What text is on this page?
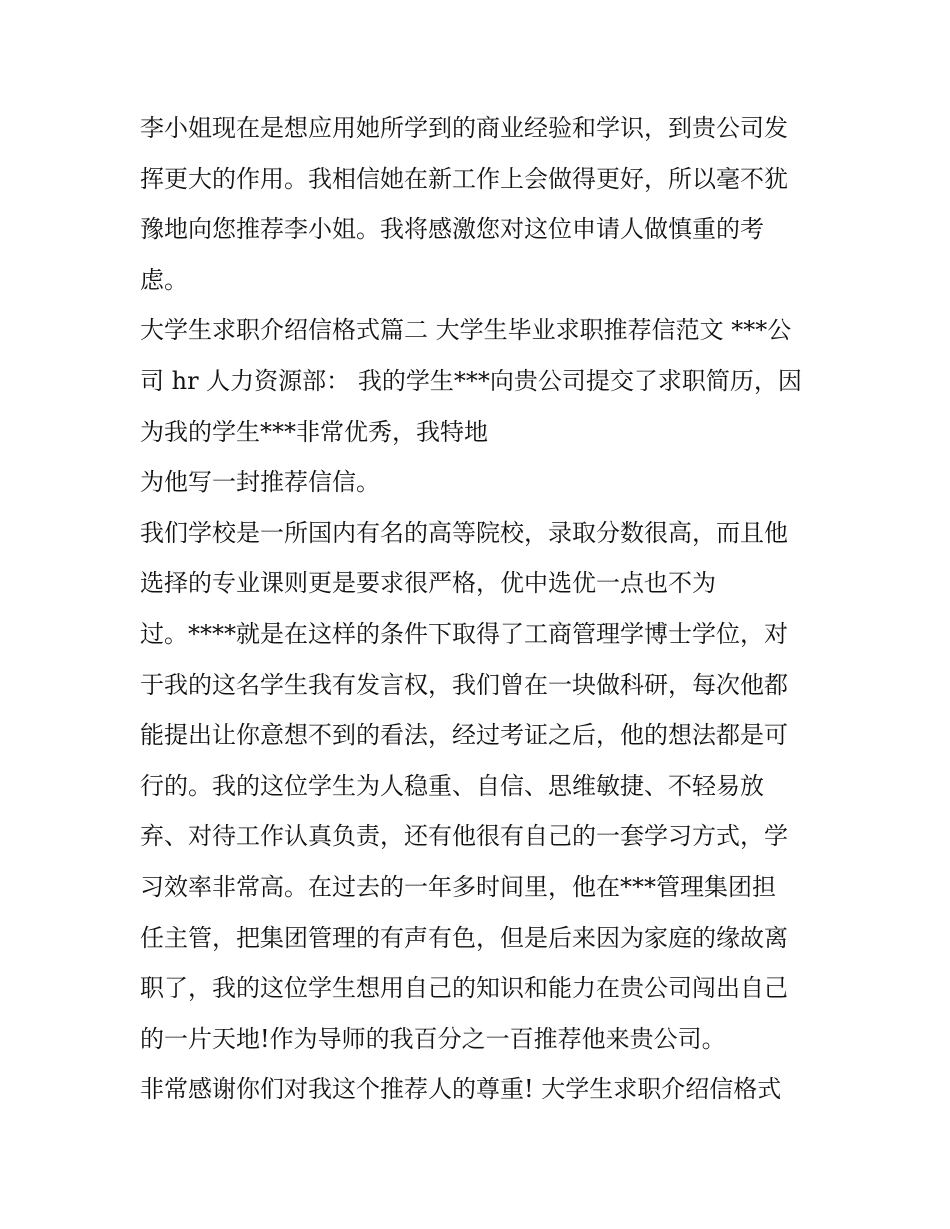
李小姐现在是想应用她所学到的商业经验和学识，到贵公司发
挥更大的作用。我相信她在新工作上会做得更好，所以毫不犹
豫地向您推荐李小姐。我将感激您对这位申请人做慎重的考
虑。
大学生求职介绍信格式篇二 大学生毕业求职推荐信范文 ***公
司 hr 人力资源部： 我的学生***向贵公司提交了求职简历，因
为我的学生***非常优秀，我特地
为他写一封推荐信信。
我们学校是一所国内有名的高等院校，录取分数很高，而且他
选择的专业课则更是要求很严格，优中选优一点也不为
过。****就是在这样的条件下取得了工商管理学博士学位，对
于我的这名学生我有发言权，我们曾在一块做科研，每次他都
能提出让你意想不到的看法，经过考证之后，他的想法都是可
行的。我的这位学生为人稳重、自信、思维敏捷、不轻易放
弃、对待工作认真负责，还有他很有自己的一套学习方式，学
习效率非常高。在过去的一年多时间里，他在***管理集团担
任主管，把集团管理的有声有色，但是后来因为家庭的缘故离
职了，我的这位学生想用自己的知识和能力在贵公司闯出自己
的一片天地!作为导师的我百分之一百推荐他来贵公司。
非常感谢你们对我这个推荐人的尊重! 大学生求职介绍信格式
